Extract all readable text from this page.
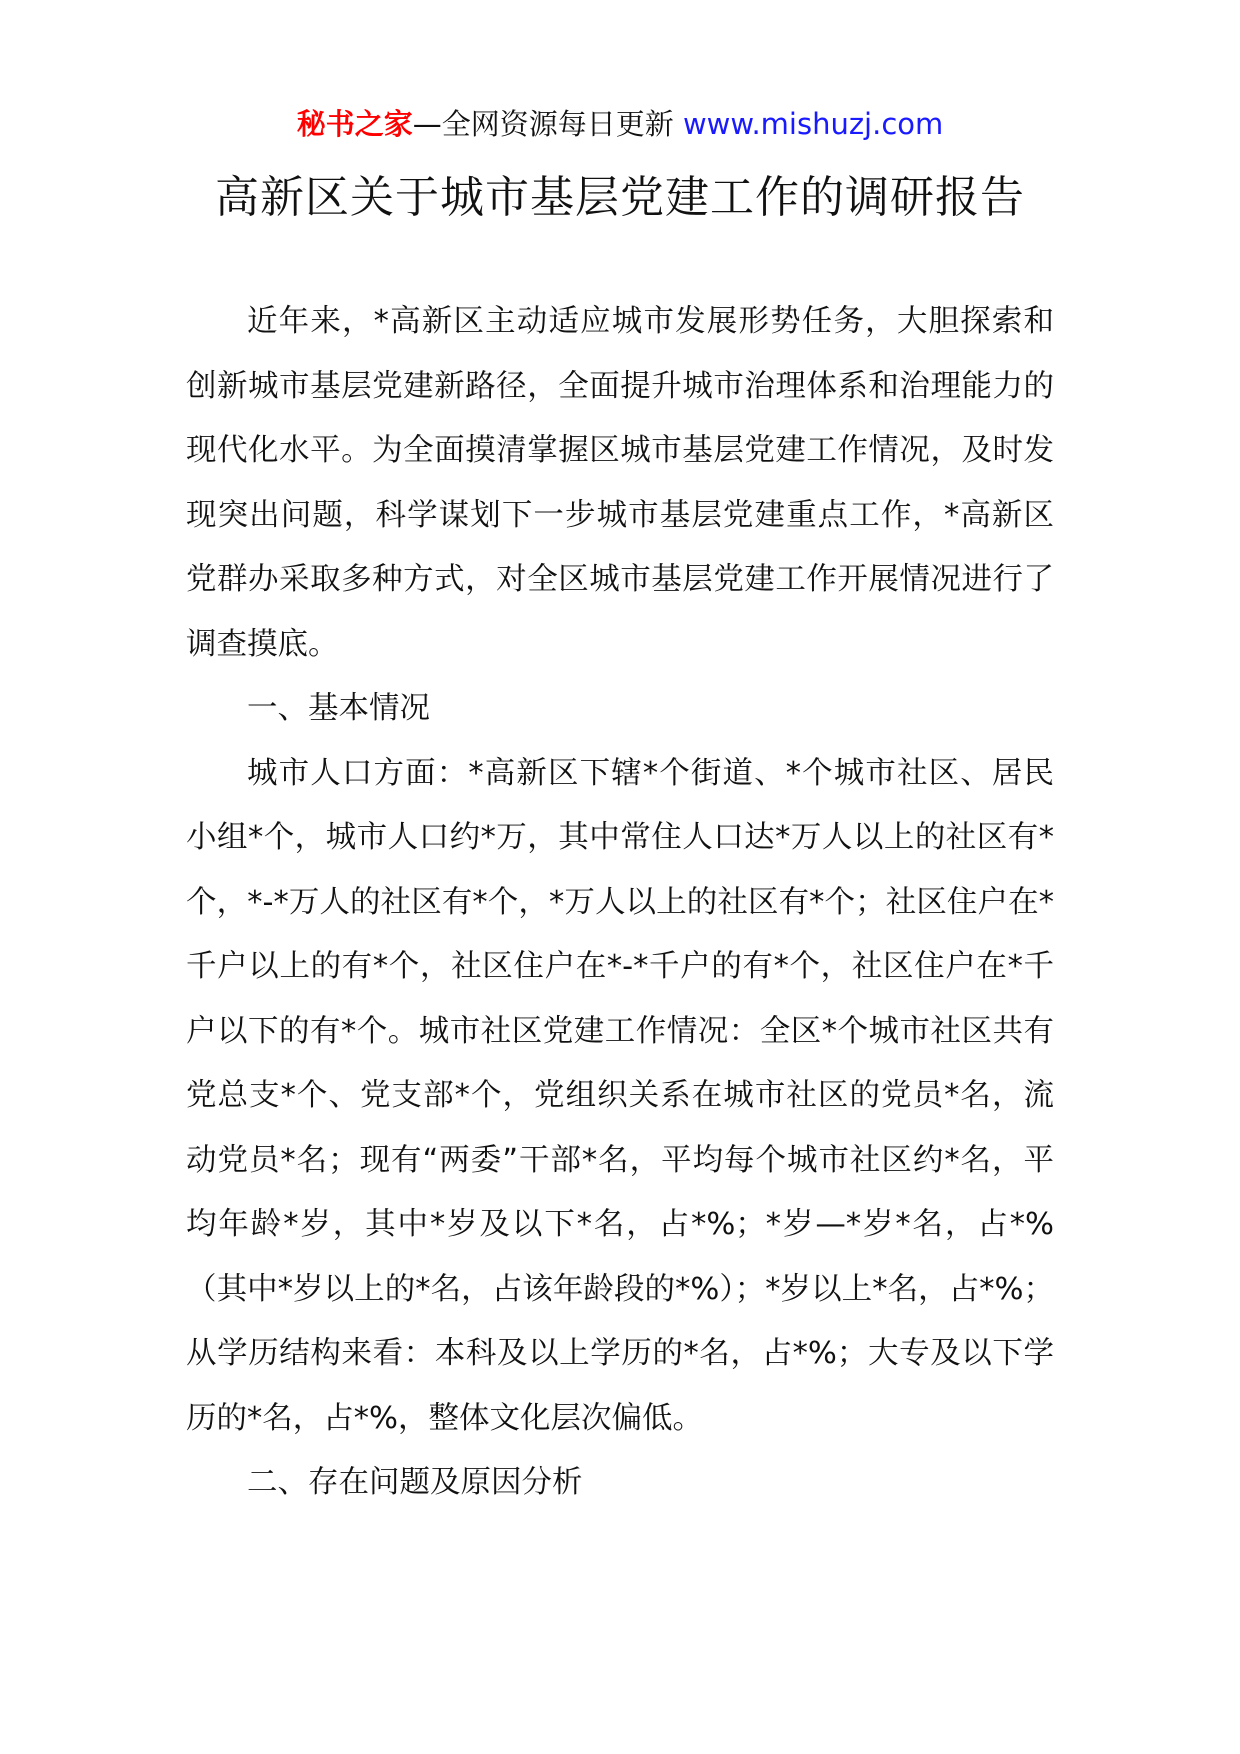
秘书之家—全网资源每日更新 www.mishuzj.com
高新区关于城市基层党建工作的调研报告

近年来，*高新区主动适应城市发展形势任务，大胆探索和创新城市基层党建新路径，全面提升城市治理体系和治理能力的现代化水平。为全面摸清掌握区城市基层党建工作情况，及时发现突出问题，科学谋划下一步城市基层党建重点工作，*高新区党群办采取多种方式，对全区城市基层党建工作开展情况进行了调查摸底。

一、基本情况

城市人口方面：*高新区下辖*个街道、*个城市社区、居民小组*个，城市人口约*万，其中常住人口达*万人以上的社区有*个，*-*万人的社区有*个，*万人以上的社区有*个；社区住户在*千户以上的有*个，社区住户在*-*千户的有*个，社区住户在*千户以下的有*个。城市社区党建工作情况：全区*个城市社区共有党总支*个、党支部*个，党组织关系在城市社区的党员*名，流动党员*名；现有“两委”干部*名，平均每个城市社区约*名，平均年龄*岁，其中*岁及以下*名，占*%；*岁—*岁*名，占*%（其中*岁以上的*名，占该年龄段的*%）；*岁以上*名，占*%；从学历结构来看：本科及以上学历的*名，占*%；大专及以下学历的*名，占*%，整体文化层次偏低。

二、存在问题及原因分析
